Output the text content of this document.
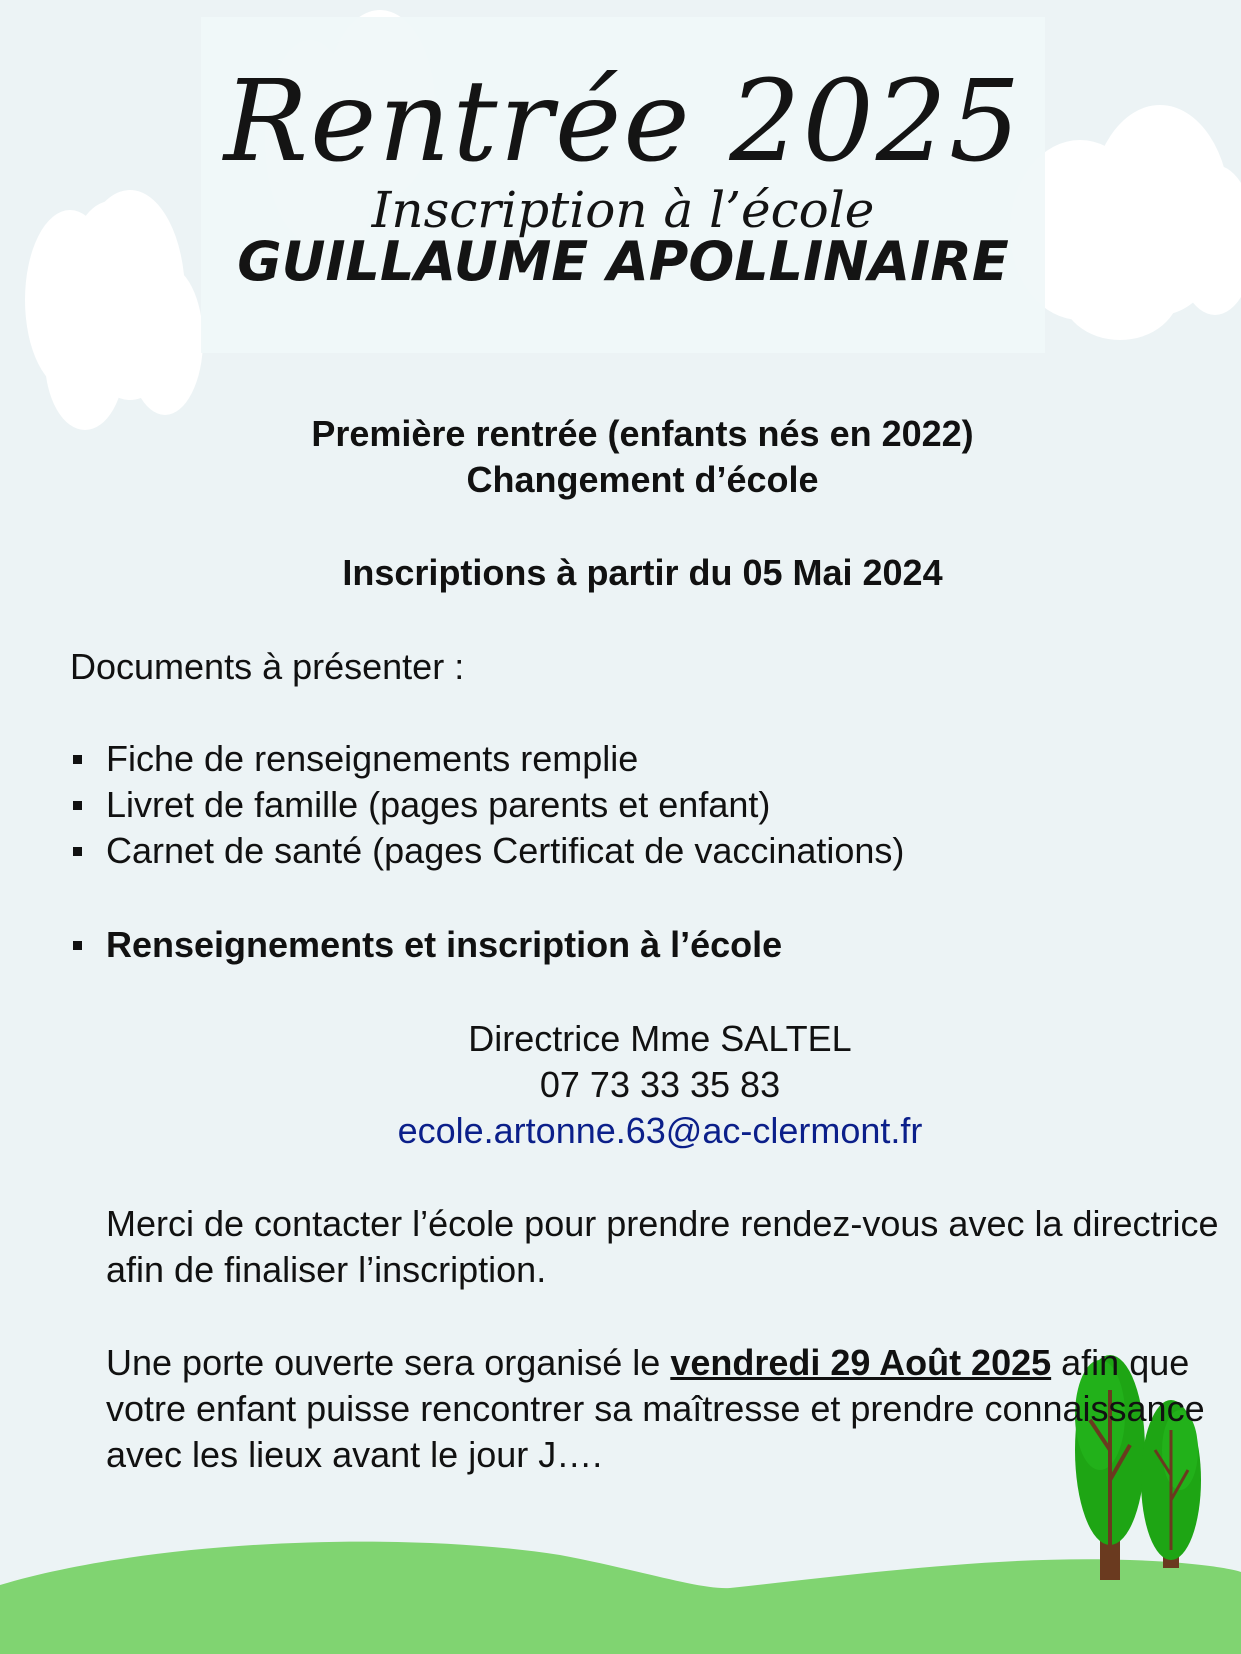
Rentrée 2025
Inscription à l’école
GUILLAUME APOLLINAIRE
Première rentrée (enfants nés en 2022)
Changement d’école
Inscriptions à partir du 05 Mai 2024
Documents à présenter :
Fiche de renseignements remplie
Livret de famille (pages parents et enfant)
Carnet de santé (pages Certificat de vaccinations)
Renseignements et inscription à l’école
Directrice Mme SALTEL
07 73 33 35 83
ecole.artonne.63@ac-clermont.fr
Merci de contacter l’école pour prendre rendez-vous avec la directrice afin de finaliser l’inscription.
Une porte ouverte sera organisé le vendredi 29 Août 2025 afin que votre enfant puisse rencontrer sa maîtresse et prendre connaissance avec les lieux avant le jour J….
